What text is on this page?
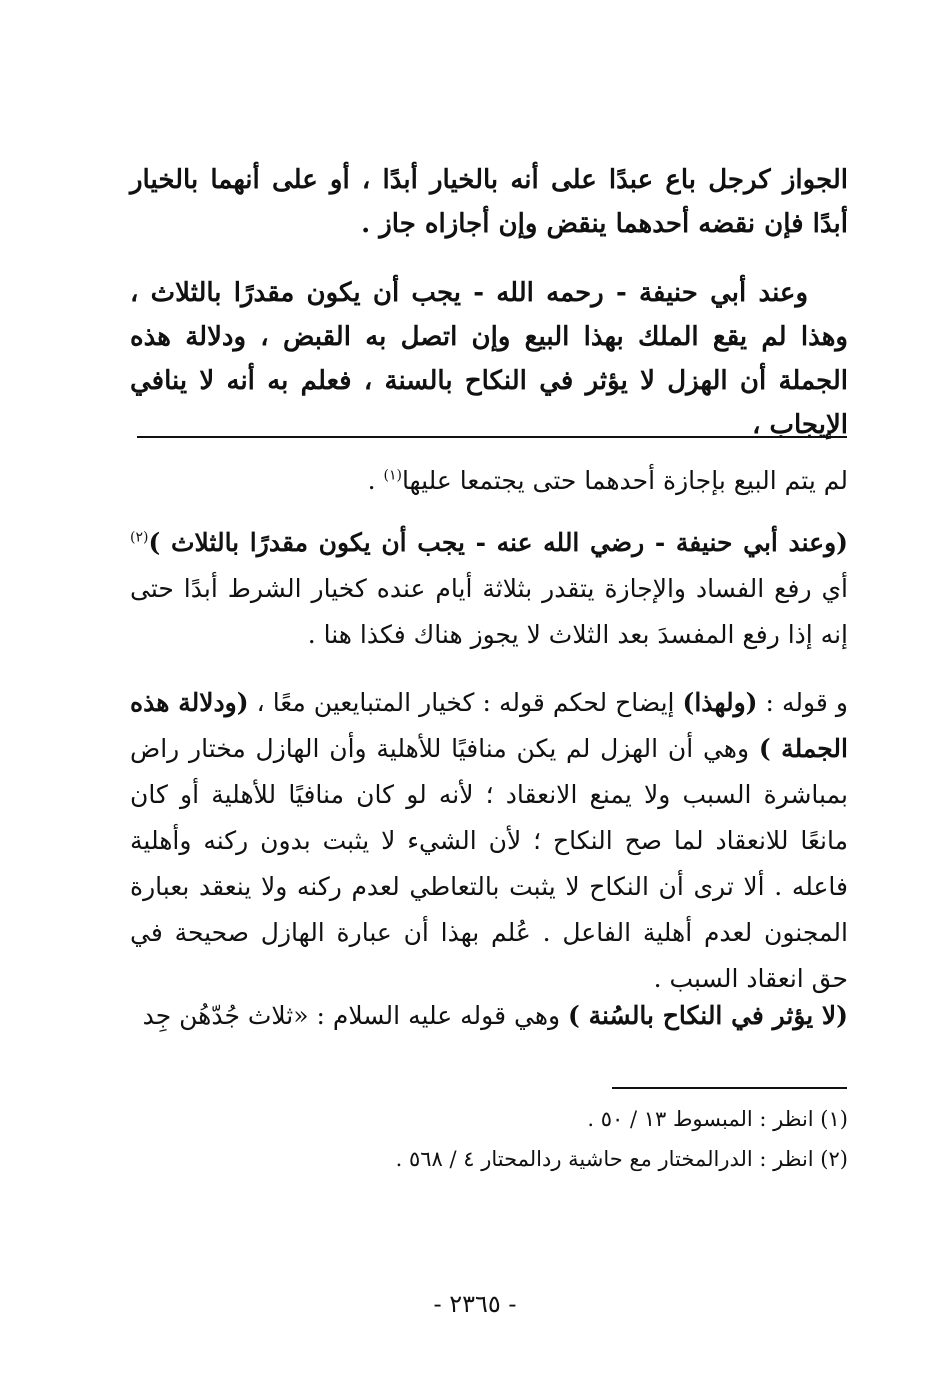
الجواز كرجل باع عبدًا على أنه بالخيار أبدًا ، أو على أنهما بالخيار أبدًا فإن نقضه أحدهما ينقض وإن أجازاه جاز .

وعند أبي حنيفة - رحمه الله - يجب أن يكون مقدرًا بالثلاث ، وهذا لم يقع الملك بهذا البيع وإن اتصل به القبض ، ودلالة هذه الجملة أن الهزل لا يؤثر في النكاح بالسنة ، فعلم به أنه لا ينافي الإيجاب ،

لم يتم البيع بإجازة أحدهما حتى يجتمعا عليها$^{(١)}$ .

(وعند أبي حنيفة - رضي الله عنه - يجب أن يكون مقدرًا بالثلاث )$^{(٢)}$ أي رفع الفساد والإجازة يتقدر بثلاثة أيام عنده كخيار الشرط أبدًا حتى إنه إذا رفع المفسدَ بعد الثلاث لا يجوز هناك فكذا هنا .

و قوله : (ولهذا) إيضاح لحكم قوله : كخيار المتبايعين معًا ، (ودلالة هذه الجملة ) وهي أن الهزل لم يكن منافيًا للأهلية وأن الهازل مختار راض بمباشرة السبب ولا يمنع الانعقاد ؛ لأنه لو كان منافيًا للأهلية أو كان مانعًا للانعقاد لما صح النكاح ؛ لأن الشيء لا يثبت بدون ركنه وأهلية فاعله . ألا ترى أن النكاح لا يثبت بالتعاطي لعدم ركنه ولا ينعقد بعبارة المجنون لعدم أهلية الفاعل . عُلم بهذا أن عبارة الهازل صحيحة في حق انعقاد السبب .

(لا يؤثر في النكاح بالسُنة ) وهي قوله عليه السلام : «ثلاث جُدّهُن جِد

(١) انظر : المبسوط ١٣ / ٥٠ .

(٢) انظر : الدرالمختار مع حاشية ردالمحتار ٤ / ٥٦٨ .

- ٢٣٦٥ -
